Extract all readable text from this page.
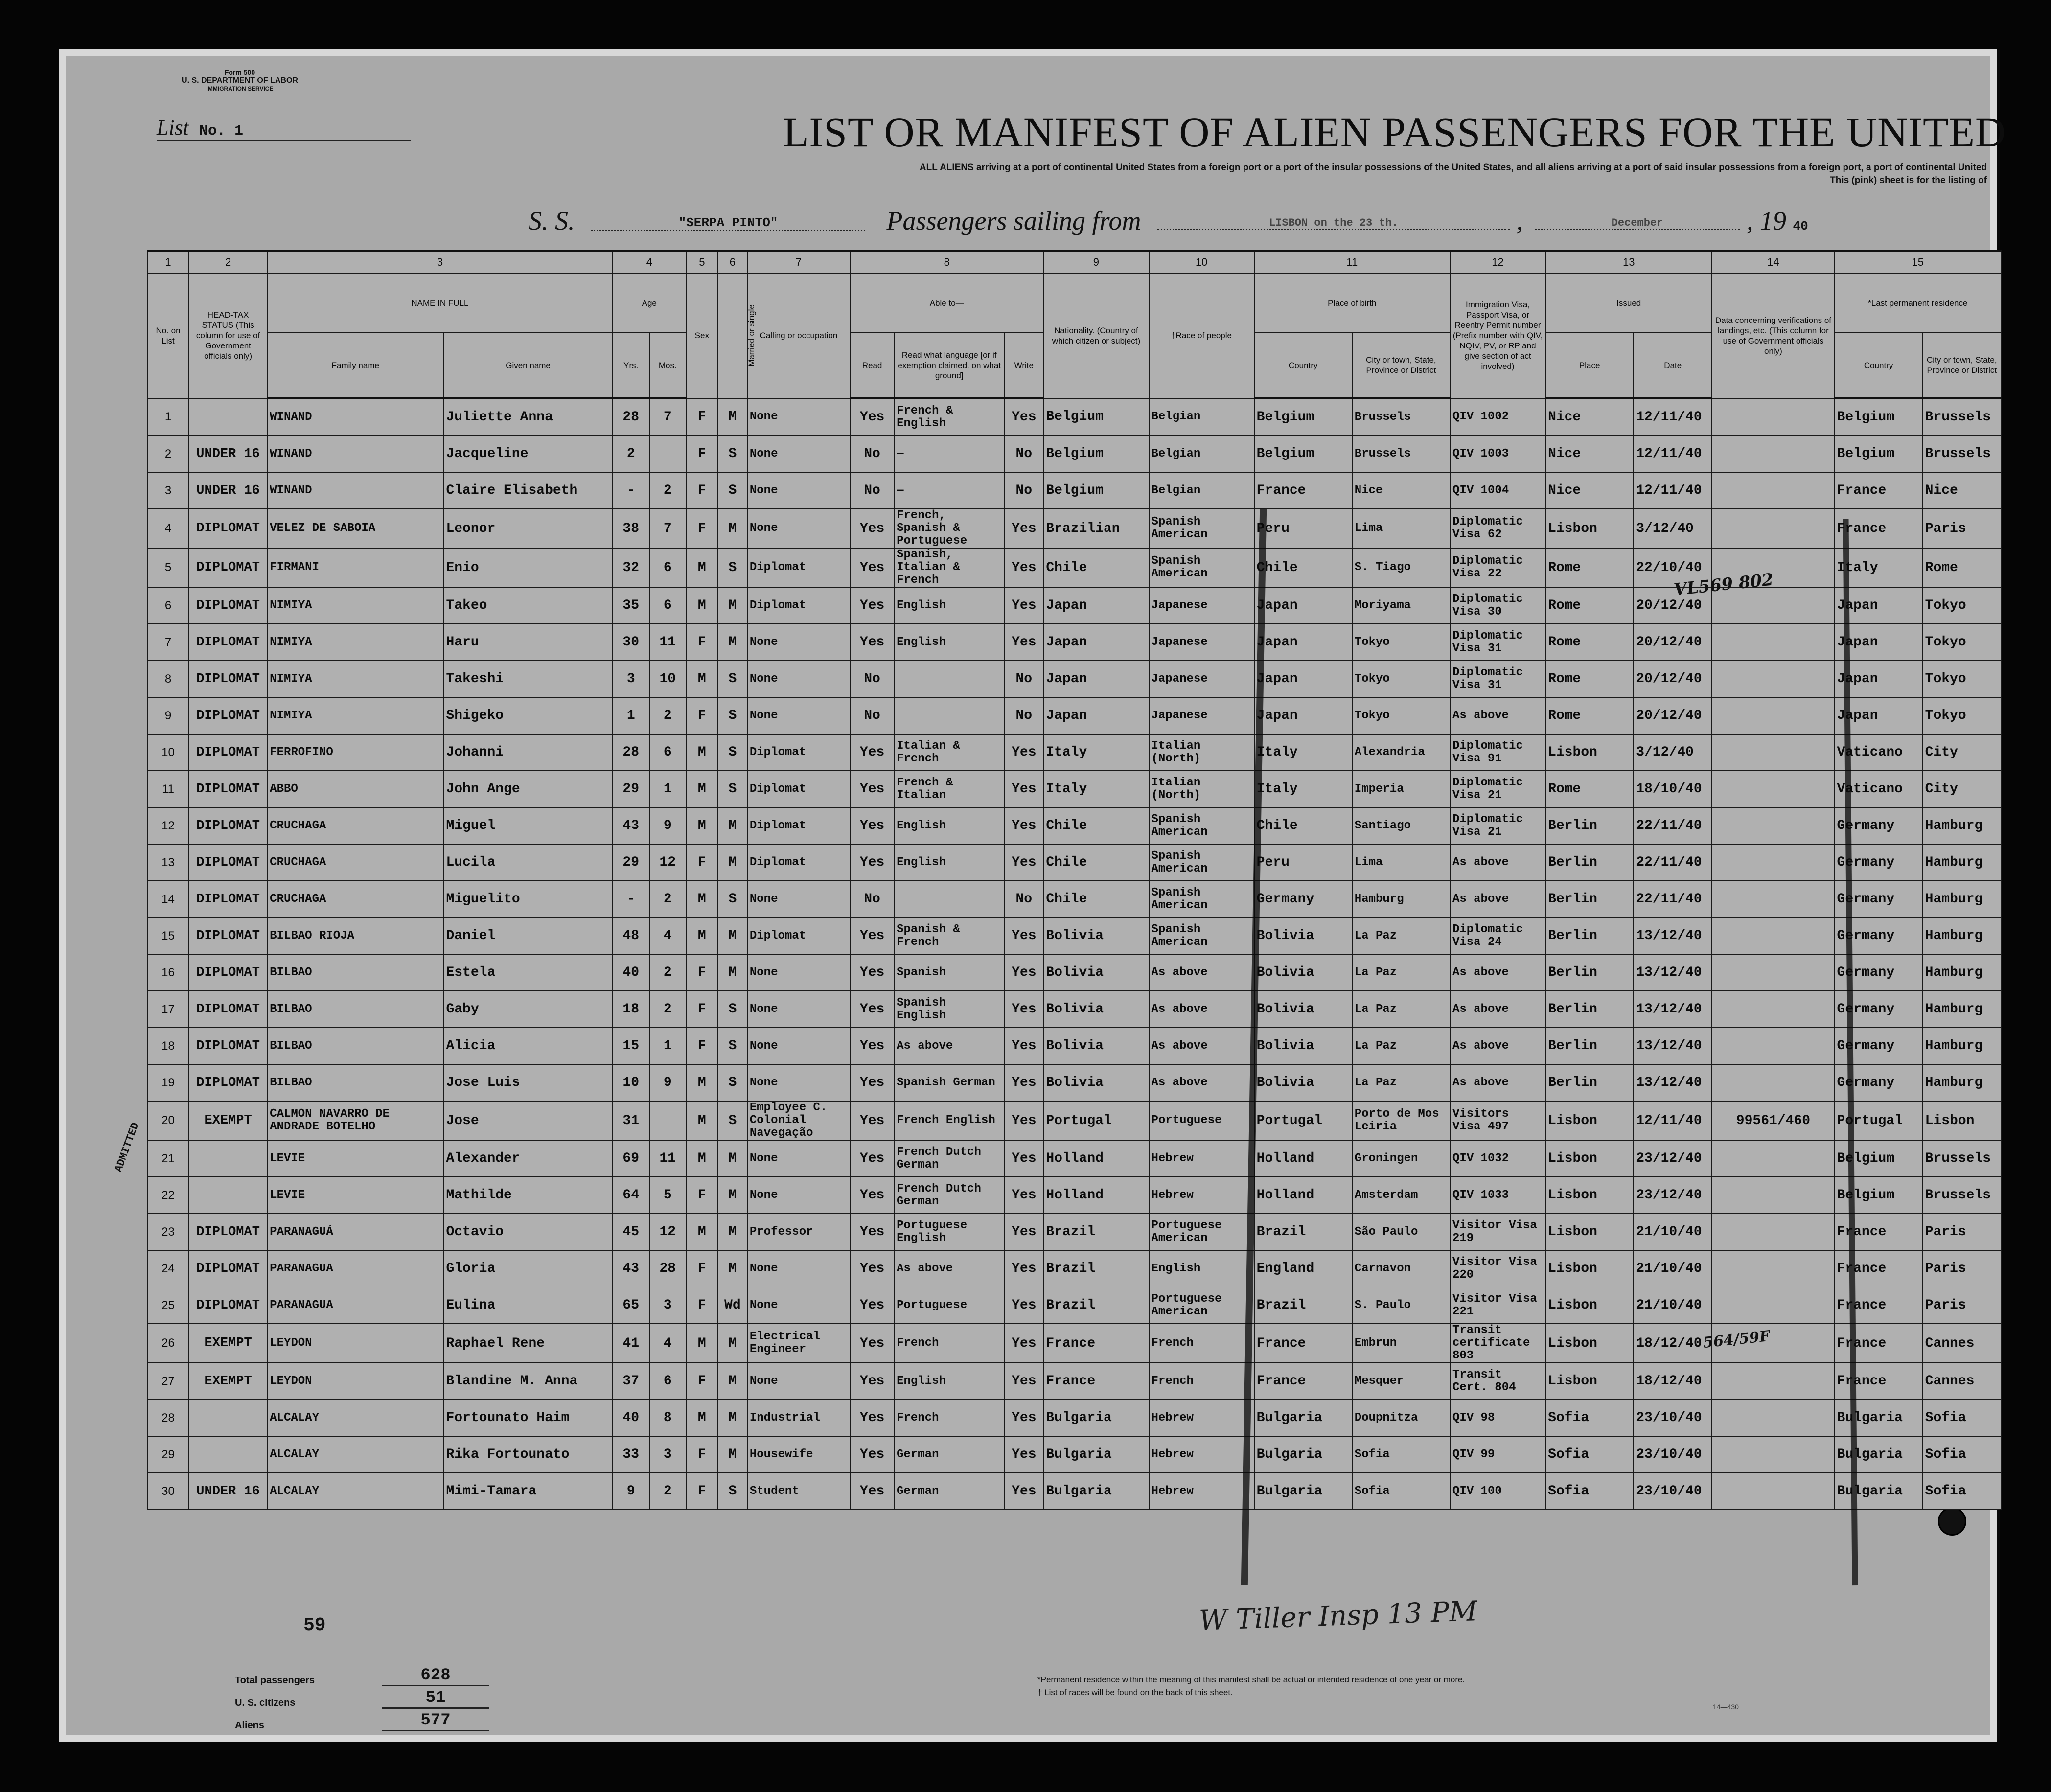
Form 500
U. S. DEPARTMENT OF LABOR
IMMIGRATION SERVICE
List No. 1	LIST OR MANIFEST OF ALIEN PASSENGERS FOR THE UNITED
ALL ALIENS arriving at a port of continental United States from a foreign port or a port of the insular possessions of the United States, and all aliens arriving at a port of said insular possessions from a foreign port, a port of continental United
This (pink) sheet is for the listing of
S. S.	"SERPA PINTO"	Passengers sailing from	LISBON on the 23 th.	,	December	, 19 40
1	2	3		4		5	6	7	8			9	10	11		12	13		14	15	
No. on List	HEAD-TAX STATUS (This column for use of Government officials only)	NAME IN FULL		Age		Sex	Married or single	Calling or occupation	Able to—			Nationality. (Country of which citizen or subject)	†Race of people	Place of birth		Immigration Visa, Passport Visa, or Reentry Permit number (Prefix number with QIV, NQIV, PV, or RP and give section of act involved)	Issued		Data concerning verifications of landings, etc. (This column for use of Government officials only)	*Last permanent residence	
		Family name	Given name	Yrs.	Mos.				Read	Read what language [or if exemption claimed, on what ground]	Write			Country	City or town, State, Province or District		Place	Date		Country	City or town, State, Province or District
1		WINAND	Juliette Anna	28	7	F	M	None	Yes	French & English	Yes	Belgium	Belgian	Belgium	Brussels	QIV 1002	Nice	12/11/40		Belgium	Brussels
2	UNDER 16	WINAND	Jacqueline	2		F	S	None	No	—	No	Belgium	Belgian	Belgium	Brussels	QIV 1003	Nice	12/11/40		Belgium	Brussels
3	UNDER 16	WINAND	Claire Elisabeth	-	2	F	S	None	No	—	No	Belgium	Belgian	France	Nice	QIV 1004	Nice	12/11/40		France	Nice
4	DIPLOMAT	VELEZ DE SABOIA	Leonor	38	7	F	M	None	Yes	French, Spanish & Portuguese	Yes	Brazilian	Spanish American	Peru	Lima	Diplomatic Visa 62	Lisbon	3/12/40		France	Paris
5	DIPLOMAT	FIRMANI	Enio	32	6	M	S	Diplomat	Yes	Spanish, Italian & French	Yes	Chile	Spanish American	Chile	S. Tiago	Diplomatic Visa 22	Rome	22/10/40		Italy	Rome
6	DIPLOMAT	NIMIYA	Takeo	35	6	M	M	Diplomat	Yes	English	Yes	Japan	Japanese	Japan	Moriyama	Diplomatic Visa 30	Rome	20/12/40		Japan	Tokyo
7	DIPLOMAT	NIMIYA	Haru	30	11	F	M	None	Yes	English	Yes	Japan	Japanese	Japan	Tokyo	Diplomatic Visa 31	Rome	20/12/40		Japan	Tokyo
8	DIPLOMAT	NIMIYA	Takeshi	3	10	M	S	None	No		No	Japan	Japanese	Japan	Tokyo	Diplomatic Visa 31	Rome	20/12/40		Japan	Tokyo
9	DIPLOMAT	NIMIYA	Shigeko	1	2	F	S	None	No		No	Japan	Japanese	Japan	Tokyo	As above	Rome	20/12/40		Japan	Tokyo
10	DIPLOMAT	FERROFINO	Johanni	28	6	M	S	Diplomat	Yes	Italian & French	Yes	Italy	Italian (North)	Italy	Alexandria	Diplomatic Visa 91	Lisbon	3/12/40		Vaticano	City
11	DIPLOMAT	ABBO	John Ange	29	1	M	S	Diplomat	Yes	French & Italian	Yes	Italy	Italian (North)	Italy	Imperia	Diplomatic Visa 21	Rome	18/10/40		Vaticano	City
12	DIPLOMAT	CRUCHAGA	Miguel	43	9	M	M	Diplomat	Yes	English	Yes	Chile	Spanish American	Chile	Santiago	Diplomatic Visa 21	Berlin	22/11/40		Germany	Hamburg
13	DIPLOMAT	CRUCHAGA	Lucila	29	12	F	M	Diplomat	Yes	English	Yes	Chile	Spanish American	Peru	Lima	As above	Berlin	22/11/40		Germany	Hamburg
14	DIPLOMAT	CRUCHAGA	Miguelito	-	2	M	S	None	No		No	Chile	Spanish American	Germany	Hamburg	As above	Berlin	22/11/40		Germany	Hamburg
15	DIPLOMAT	BILBAO RIOJA	Daniel	48	4	M	M	Diplomat	Yes	Spanish & French	Yes	Bolivia	Spanish American	Bolivia	La Paz	Diplomatic Visa 24	Berlin	13/12/40		Germany	Hamburg
16	DIPLOMAT	BILBAO	Estela	40	2	F	M	None	Yes	Spanish	Yes	Bolivia	As above	Bolivia	La Paz	As above	Berlin	13/12/40		Germany	Hamburg
17	DIPLOMAT	BILBAO	Gaby	18	2	F	S	None	Yes	Spanish English	Yes	Bolivia	As above	Bolivia	La Paz	As above	Berlin	13/12/40		Germany	Hamburg
18	DIPLOMAT	BILBAO	Alicia	15	1	F	S	None	Yes	As above	Yes	Bolivia	As above	Bolivia	La Paz	As above	Berlin	13/12/40		Germany	Hamburg
19	DIPLOMAT	BILBAO	Jose Luis	10	9	M	S	None	Yes	Spanish German	Yes	Bolivia	As above	Bolivia	La Paz	As above	Berlin	13/12/40		Germany	Hamburg
20	EXEMPT	CALMON NAVARRO DE ANDRADE BOTELHO	Jose	31		M	S	Employee C. Colonial Navegação	Yes	French English	Yes	Portugal	Portuguese	Portugal	Porto de Mos Leiria	Visitors Visa 497	Lisbon	12/11/40	99561/460	Portugal	Lisbon
21		LEVIE	Alexander	69	11	M	M	None	Yes	French Dutch German	Yes	Holland	Hebrew	Holland	Groningen	QIV 1032	Lisbon	23/12/40		Belgium	Brussels
22		LEVIE	Mathilde	64	5	F	M	None	Yes	French Dutch German	Yes	Holland	Hebrew	Holland	Amsterdam	QIV 1033	Lisbon	23/12/40		Belgium	Brussels
23	DIPLOMAT	PARANAGUÁ	Octavio	45	12	M	M	Professor	Yes	Portuguese English	Yes	Brazil	Portuguese American	Brazil	São Paulo	Visitor Visa 219	Lisbon	21/10/40		France	Paris
24	DIPLOMAT	PARANAGUA	Gloria	43	28	F	M	None	Yes	As above	Yes	Brazil	English	England	Carnavon	Visitor Visa 220	Lisbon	21/10/40		France	Paris
25	DIPLOMAT	PARANAGUA	Eulina	65	3	F	Wd	None	Yes	Portuguese	Yes	Brazil	Portuguese American	Brazil	S. Paulo	Visitor Visa 221	Lisbon	21/10/40		France	Paris
26	EXEMPT	LEYDON	Raphael Rene	41	4	M	M	Electrical Engineer	Yes	French	Yes	France	French	France	Embrun	Transit certificate 803	Lisbon	18/12/40		France	Cannes
27	EXEMPT	LEYDON	Blandine M. Anna	37	6	F	M	None	Yes	English	Yes	France	French	France	Mesquer	Transit Cert. 804	Lisbon	18/12/40		France	Cannes
28		ALCALAY	Fortounato Haim	40	8	M	M	Industrial	Yes	French	Yes	Bulgaria	Hebrew	Bulgaria	Doupnitza	QIV 98	Sofia	23/10/40		Bulgaria	Sofia
29		ALCALAY	Rika Fortounato	33	3	F	M	Housewife	Yes	German	Yes	Bulgaria	Hebrew	Bulgaria	Sofia	QIV 99	Sofia	23/10/40		Bulgaria	Sofia
30	UNDER 16	ALCALAY	Mimi-Tamara	9	2	F	S	Student	Yes	German	Yes	Bulgaria	Hebrew	Bulgaria	Sofia	QIV 100	Sofia	23/10/40		Bulgaria	Sofia
VL569 802
564/59F
ADMITTED
59	W Tiller Insp 13 PM
Total passengers	628
U. S. citizens	51
Aliens	577
*Permanent residence within the meaning of this manifest shall be actual or intended residence of one year or more.
† List of races will be found on the back of this sheet.
14—430
